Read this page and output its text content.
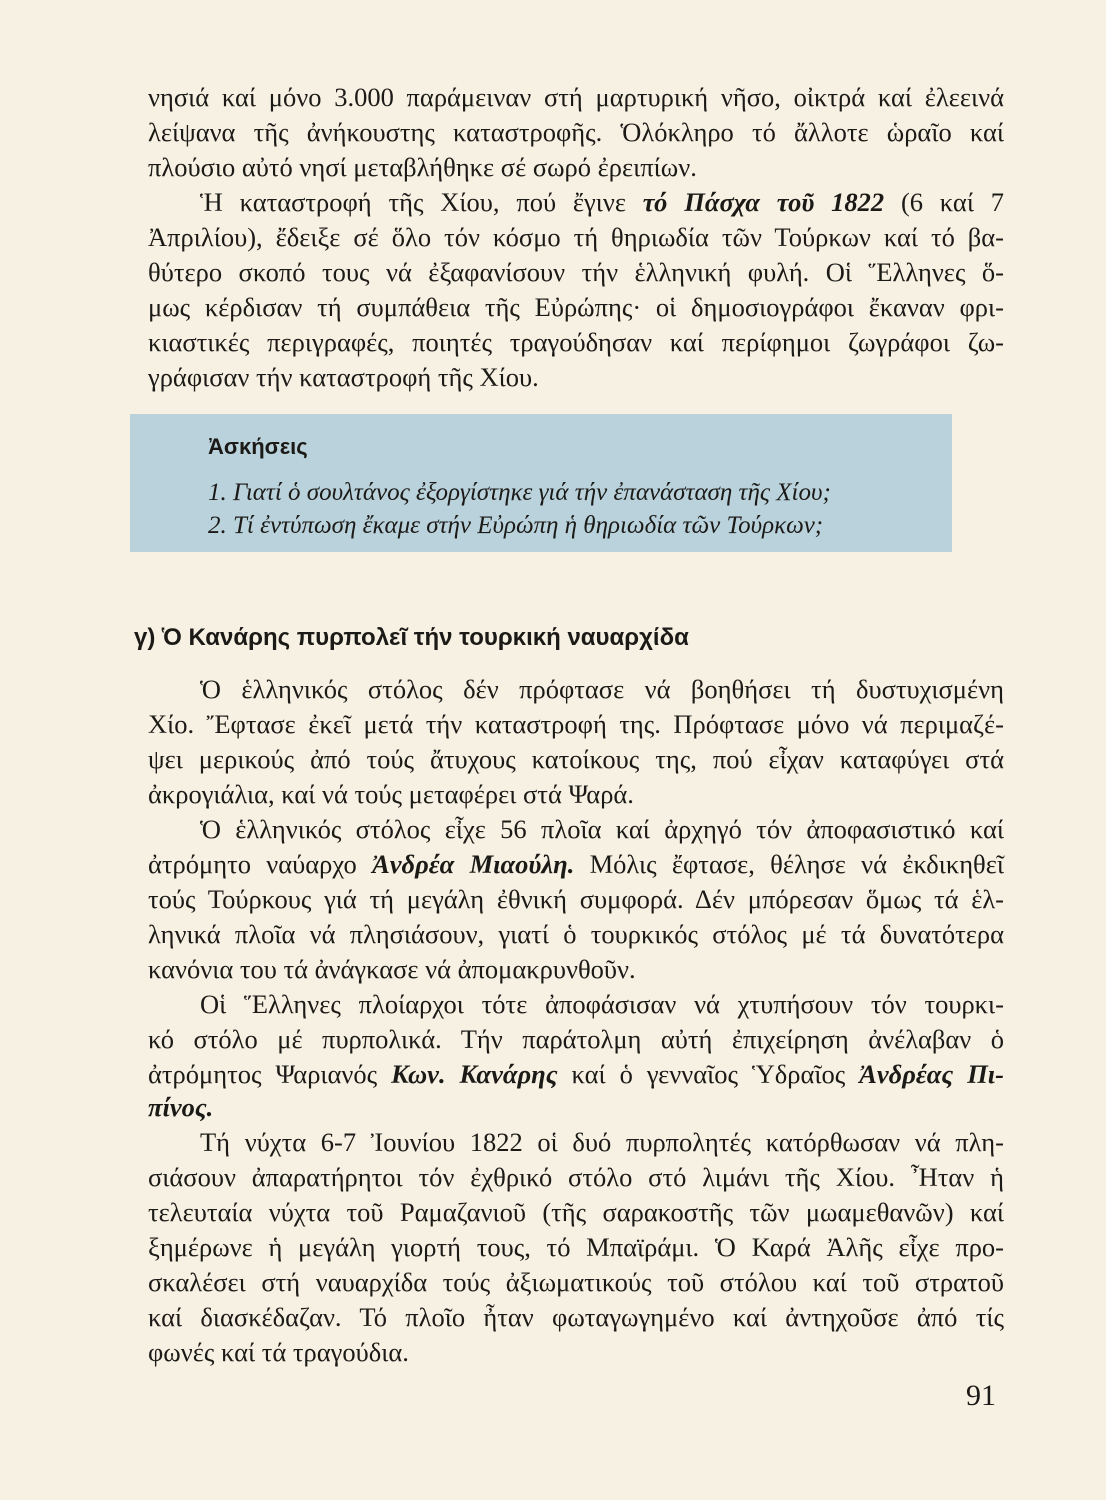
νησιά καί μόνο 3.000 παράμειναν στή μαρτυρική νῆσο, οἰκτρά καί ἐλεεινά
λείψανα τῆς ἀνήκουστης καταστροφῆς. Ὁλόκληρο τό ἄλλοτε ὡραῖο καί
πλούσιο αὐτό νησί μεταβλήθηκε σέ σωρό ἐρειπίων.
Ἡ καταστροφή τῆς Χίου, πού ἔγινε τό Πάσχα τοῦ 1822 (6 καί 7
Ἀπριλίου), ἔδειξε σέ ὅλο τόν κόσμο τή θηριωδία τῶν Τούρκων καί τό βα-
θύτερο σκοπό τους νά ἐξαφανίσουν τήν ἑλληνική φυλή. Οἱ Ἕλληνες ὅ-
μως κέρδισαν τή συμπάθεια τῆς Εὐρώπης· οἱ δημοσιογράφοι ἔκαναν φρι-
κιαστικές περιγραφές, ποιητές τραγούδησαν καί περίφημοι ζωγράφοι ζω-
γράφισαν τήν καταστροφή τῆς Χίου.
Ἀσκήσεις
1. Γιατί ὁ σουλτάνος ἐξοργίστηκε γιά τήν ἐπανάσταση τῆς Χίου;
2. Τί ἐντύπωση ἔκαμε στήν Εὐρώπη ἡ θηριωδία τῶν Τούρκων;
γ) Ὁ Κανάρης πυρπολεῖ τήν τουρκική ναυαρχίδα
Ὁ ἑλληνικός στόλος δέν πρόφτασε νά βοηθήσει τή δυστυχισμένη
Χίο. Ἔφτασε ἐκεῖ μετά τήν καταστροφή της. Πρόφτασε μόνο νά περιμαζέ-
ψει μερικούς ἀπό τούς ἄτυχους κατοίκους της, πού εἶχαν καταφύγει στά
ἀκρογιάλια, καί νά τούς μεταφέρει στά Ψαρά.
Ὁ ἑλληνικός στόλος εἶχε 56 πλοῖα καί ἀρχηγό τόν ἀποφασιστικό καί
ἀτρόμητο ναύαρχο Ἀνδρέα Μιαούλη. Μόλις ἔφτασε, θέλησε νά ἐκδικηθεῖ
τούς Τούρκους γιά τή μεγάλη ἐθνική συμφορά. Δέν μπόρεσαν ὅμως τά ἑλ-
ληνικά πλοῖα νά πλησιάσουν, γιατί ὁ τουρκικός στόλος μέ τά δυνατότερα
κανόνια του τά ἀνάγκασε νά ἀπομακρυνθοῦν.
Οἱ Ἕλληνες πλοίαρχοι τότε ἀποφάσισαν νά χτυπήσουν τόν τουρκι-
κό στόλο μέ πυρπολικά. Τήν παράτολμη αὐτή ἐπιχείρηση ἀνέλαβαν ὁ
ἀτρόμητος Ψαριανός Κων. Κανάρης καί ὁ γενναῖος Ὑδραῖος Ἀνδρέας Πι-
πίνος.
Τή νύχτα 6-7 Ἰουνίου 1822 οἱ δυό πυρπολητές κατόρθωσαν νά πλη-
σιάσουν ἀπαρατήρητοι τόν ἐχθρικό στόλο στό λιμάνι τῆς Χίου. Ἦταν ἡ
τελευταία νύχτα τοῦ Ραμαζανιοῦ (τῆς σαρακοστῆς τῶν μωαμεθανῶν) καί
ξημέρωνε ἡ μεγάλη γιορτή τους, τό Μπαϊράμι. Ὁ Καρά Ἀλῆς εἶχε προ-
σκαλέσει στή ναυαρχίδα τούς ἀξιωματικούς τοῦ στόλου καί τοῦ στρατοῦ
καί διασκέδαζαν. Τό πλοῖο ἦταν φωταγωγημένο καί ἀντηχοῦσε ἀπό τίς
φωνές καί τά τραγούδια.
91
